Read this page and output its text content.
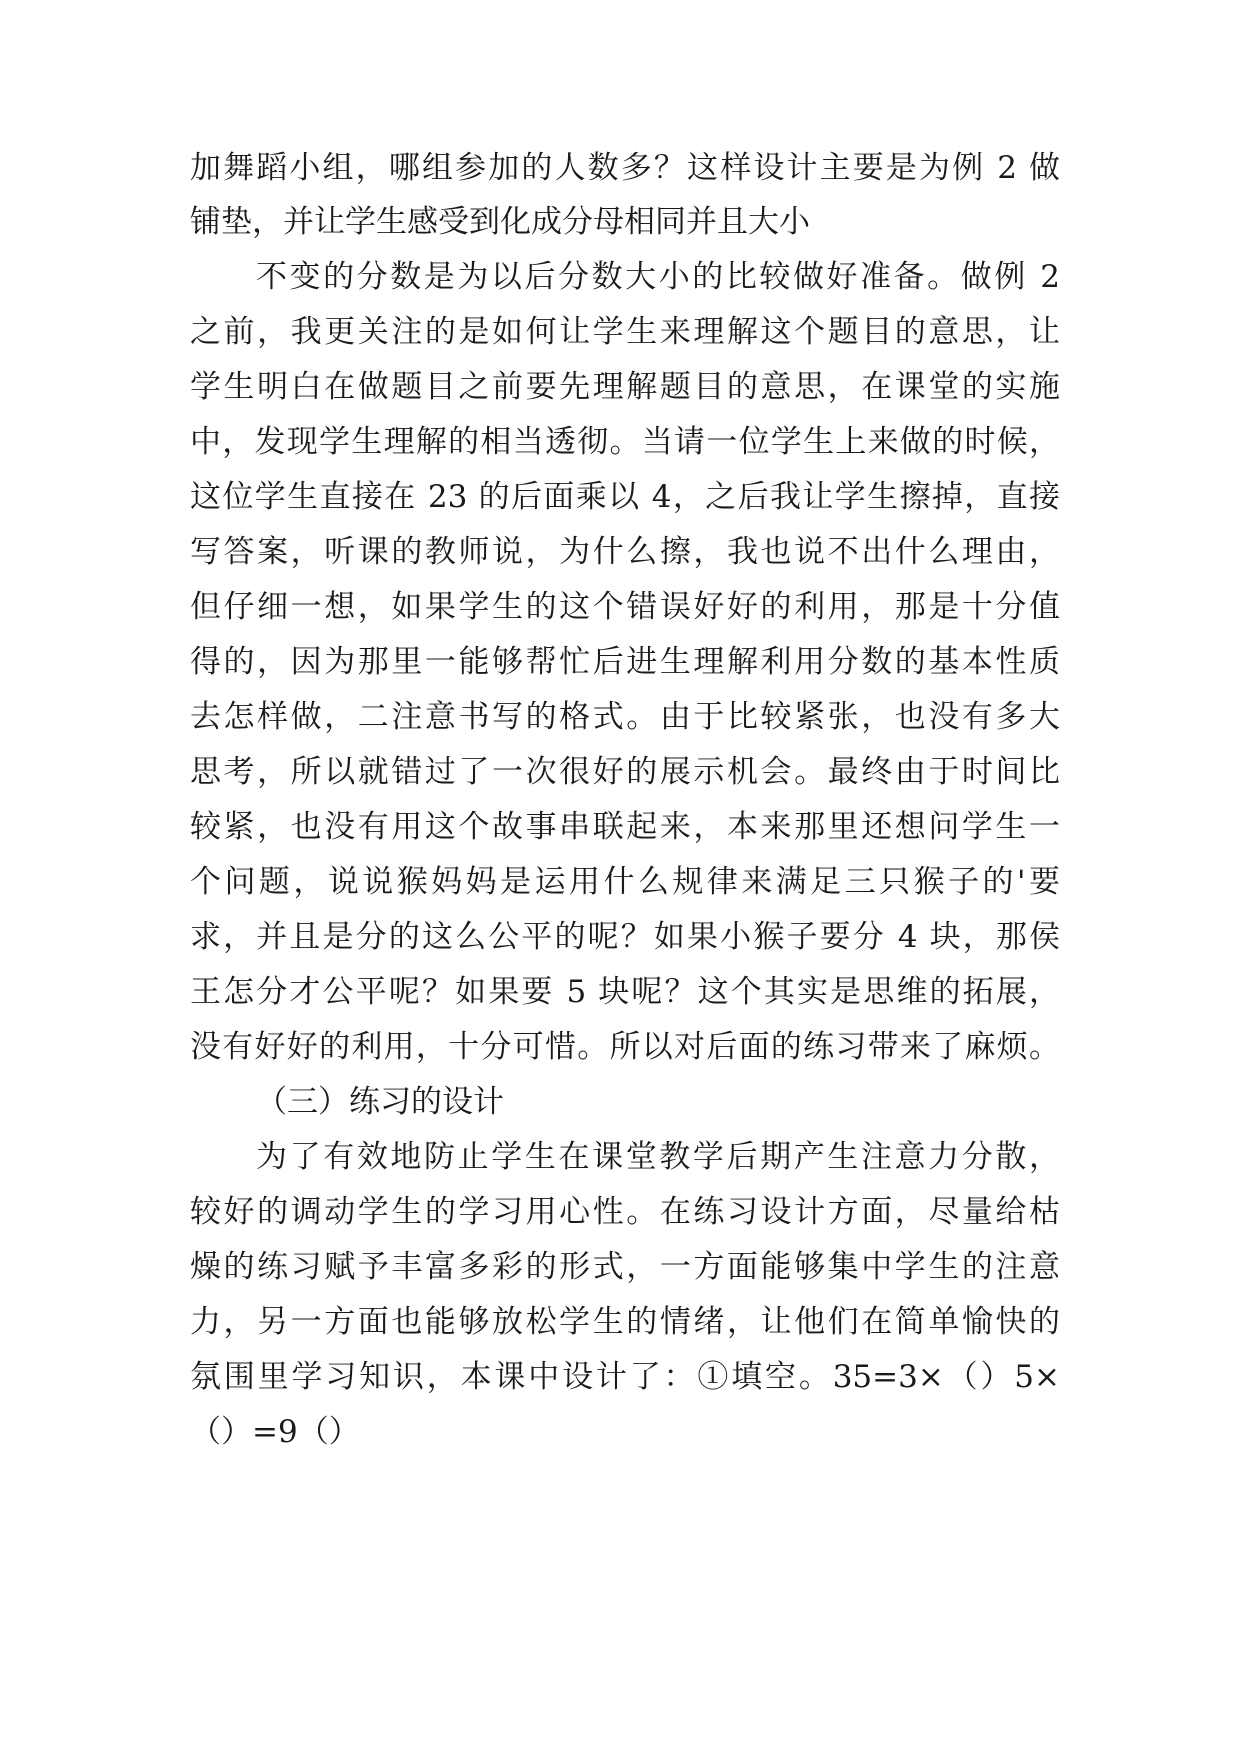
加舞蹈小组，哪组参加的人数多？这样设计主要是为例 2 做
铺垫，并让学生感受到化成分母相同并且大小
不变的分数是为以后分数大小的比较做好准备。做例 2
之前，我更关注的是如何让学生来理解这个题目的意思，让
学生明白在做题目之前要先理解题目的意思，在课堂的实施
中，发现学生理解的相当透彻。当请一位学生上来做的时候，
这位学生直接在 23 的后面乘以 4，之后我让学生擦掉，直接
写答案，听课的教师说，为什么擦，我也说不出什么理由，
但仔细一想，如果学生的这个错误好好的利用，那是十分值
得的，因为那里一能够帮忙后进生理解利用分数的基本性质
去怎样做，二注意书写的格式。由于比较紧张，也没有多大
思考，所以就错过了一次很好的展示机会。最终由于时间比
较紧，也没有用这个故事串联起来，本来那里还想问学生一
个问题，说说猴妈妈是运用什么规律来满足三只猴子的'要
求，并且是分的这么公平的呢？如果小猴子要分 4 块，那侯
王怎分才公平呢？如果要 5 块呢？这个其实是思维的拓展，
没有好好的利用，十分可惜。所以对后面的练习带来了麻烦。
（三）练习的设计
为了有效地防止学生在课堂教学后期产生注意力分散，
较好的调动学生的学习用心性。在练习设计方面，尽量给枯
燥的练习赋予丰富多彩的形式，一方面能够集中学生的注意
力，另一方面也能够放松学生的情绪，让他们在简单愉快的
氛围里学习知识，本课中设计了：①填空。35=3×（）5×
（）=9（）
